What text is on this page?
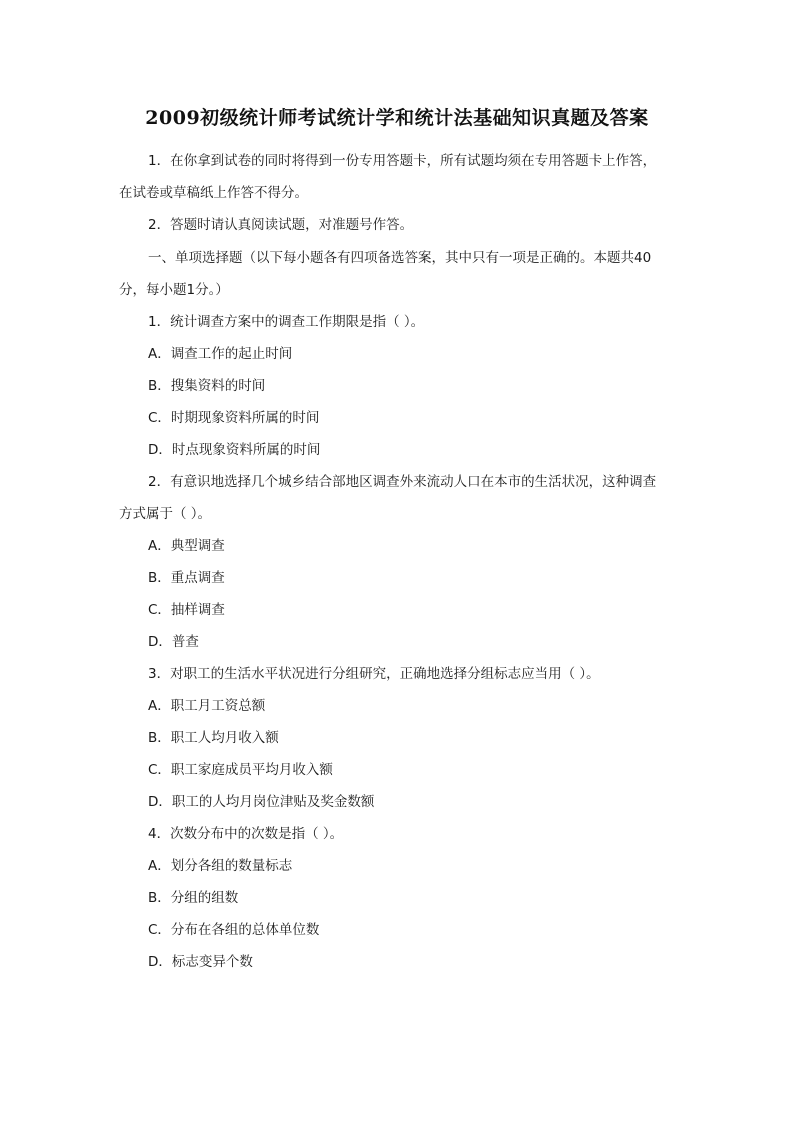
2009初级统计师考试统计学和统计法基础知识真题及答案
1．在你拿到试卷的同时将得到一份专用答题卡，所有试题均须在专用答题卡上作答，
在试卷或草稿纸上作答不得分。
2．答题时请认真阅读试题，对准题号作答。
一、单项选择题（以下每小题各有四项备选答案，其中只有一项是正确的。本题共40
分，每小题1分。）
1．统计调查方案中的调查工作期限是指（ ）。
A．调查工作的起止时间
B．搜集资料的时间
C．时期现象资料所属的时间
D．时点现象资料所属的时间
2．有意识地选择几个城乡结合部地区调查外来流动人口在本市的生活状况，这种调查
方式属于（ ）。
A．典型调查
B．重点调查
C．抽样调查
D．普查
3．对职工的生活水平状况进行分组研究，正确地选择分组标志应当用（ ）。
A．职工月工资总额
B．职工人均月收入额
C．职工家庭成员平均月收入额
D．职工的人均月岗位津贴及奖金数额
4．次数分布中的次数是指（ ）。
A．划分各组的数量标志
B．分组的组数
C．分布在各组的总体单位数
D．标志变异个数
